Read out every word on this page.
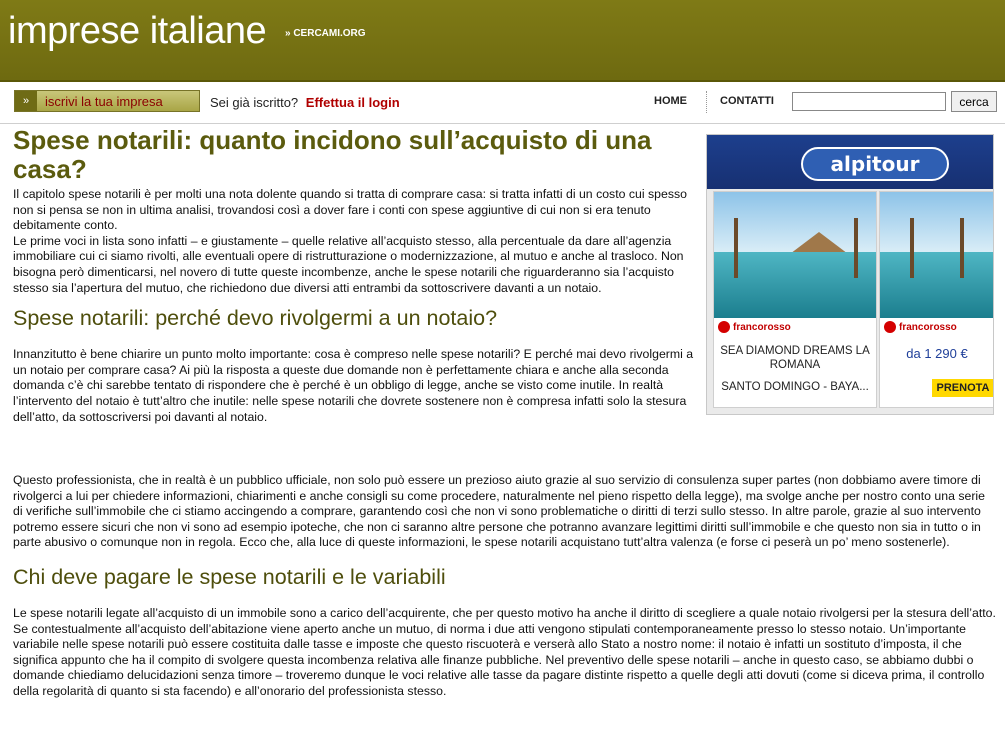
imprese italiane » CERCAMI.ORG
»	iscrivi la tua impresa	Sei già iscritto? Effettua il login	HOME	CONTATTI	cerca
Spese notarili: quanto incidono sull’acquisto di una casa?

Il capitolo spese notarili è per molti una nota dolente quando si tratta di comprare casa: si tratta infatti di un costo cui spesso non si pensa se non in ultima analisi, trovandosi così a dover fare i conti con spese aggiuntive di cui non si era tenuto debitamente conto.

Le prime voci in lista sono infatti – e giustamente – quelle relative all’acquisto stesso, alla percentuale da dare all’agenzia immobiliare cui ci siamo rivolti, alle eventuali opere di ristrutturazione o modernizzazione, al mutuo e anche al trasloco. Non bisogna però dimenticarsi, nel novero di tutte queste incombenze, anche le spese notarili che riguarderanno sia l’acquisto stesso sia l’apertura del mutuo, che richiedono due diversi atti entrambi da sottoscrivere davanti a un notaio.

Spese notarili: perché devo rivolgermi a un notaio?

Innanzitutto è bene chiarire un punto molto importante: cosa è compreso nelle spese notarili? E perché mai devo rivolgermi a un notaio per comprare casa? Ai più la risposta a queste due domande non è perfettamente chiara e anche alla seconda domanda c’è chi sarebbe tentato di rispondere che è perché è un obbligo di legge, anche se visto come inutile. In realtà l’intervento del notaio è tutt’altro che inutile: nelle spese notarili che dovrete sostenere non è compresa infatti solo la stesura dell’atto, da sottoscriversi poi davanti al notaio.

Questo professionista, che in realtà è un pubblico ufficiale, non solo può essere un prezioso aiuto grazie al suo servizio di consulenza super partes (non dobbiamo avere timore di rivolgerci a lui per chiedere informazioni, chiarimenti e anche consigli su come procedere, naturalmente nel pieno rispetto della legge), ma svolge anche per nostro conto una serie di verifiche sull’immobile che ci stiamo accingendo a comprare, garantendo così che non vi sono problematiche o diritti di terzi sullo stesso. In altre parole, grazie al suo intervento potremo essere sicuri che non vi sono ad esempio ipoteche, che non ci saranno altre persone che potranno avanzare legittimi diritti sull’immobile e che questo non sia in tutto o in parte abusivo o comunque non in regola. Ecco che, alla luce di queste informazioni, le spese notarili acquistano tutt’altra valenza (e forse ci peserà un po’ meno sostenerle).

Chi deve pagare le spese notarili e le variabili

Le spese notarili legate all’acquisto di un immobile sono a carico dell’acquirente, che per questo motivo ha anche il diritto di scegliere a quale notaio rivolgersi per la stesura dell’atto. Se contestualmente all’acquisto dell’abitazione viene aperto anche un mutuo, di norma i due atti vengono stipulati contemporaneamente presso lo stesso notaio. Un’importante variabile nelle spese notarili può essere costituita dalle tasse e imposte che questo riscuoterà e verserà allo Stato a nostro nome: il notaio è infatti un sostituto d’imposta, il che significa appunto che ha il compito di svolgere questa incombenza relativa alle finanze pubbliche. Nel preventivo delle spese notarili – anche in questo caso, se abbiamo dubbi o domande chiediamo delucidazioni senza timore – troveremo dunque le voci relative alle tasse da pagare distinte rispetto a quelle degli atti dovuti (come si diceva prima, il controllo della regolarità di quanto si sta facendo) e all’onorario del professionista stesso.

alpitour
francorosso
SEA DIAMOND DREAMS LA ROMANA
SANTO DOMINGO - BAYA...
francorosso
da 1 290 €
PRENOTA
